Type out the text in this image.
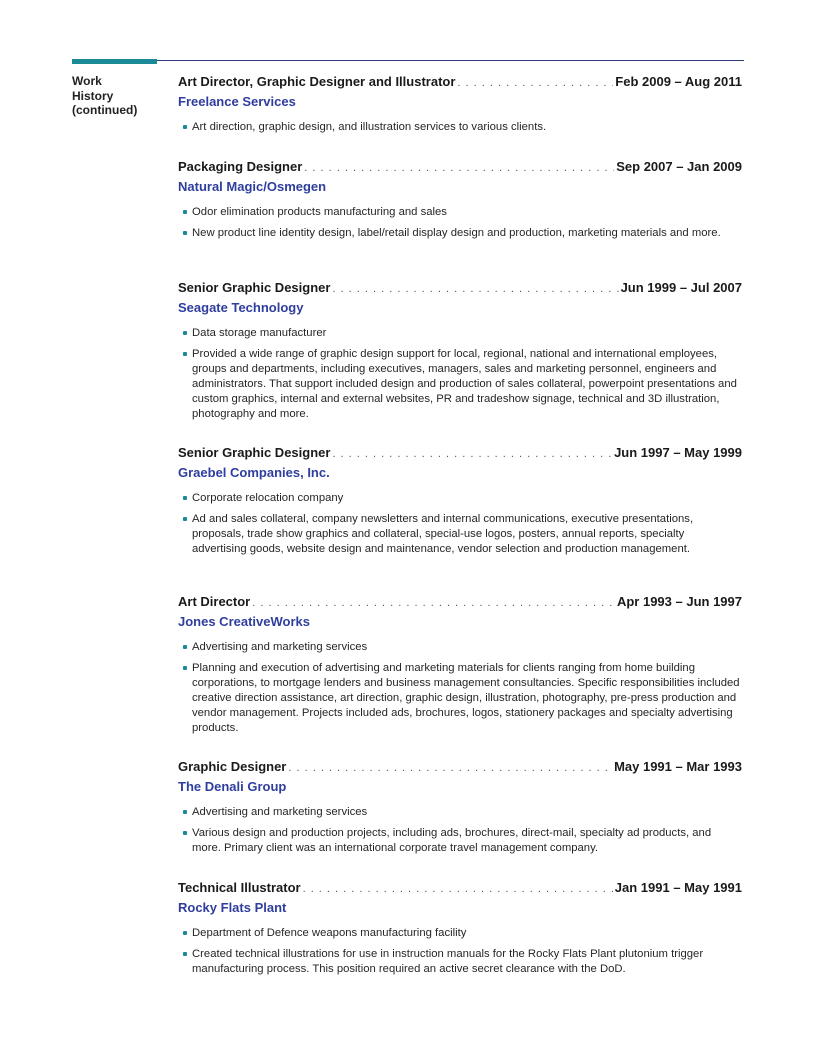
Work
History
(continued)
Art Director, Graphic Designer and Illustrator . . .	Feb 2009 – Aug 2011
Freelance Services
Art direction, graphic design, and illustration services to various clients.
Packaging Designer . . .	Sep 2007 – Jan 2009
Natural Magic/Osmegen
Odor elimination products manufacturing and sales
New product line identity design, label/retail display design and production, marketing materials and more.
Senior Graphic Designer . . .	Jun 1999 – Jul 2007
Seagate Technology
Data storage manufacturer
Provided a wide range of graphic design support for local, regional, national and international employees, groups and departments, including executives, managers, sales and marketing personnel, engineers and administrators. That support included design and production of sales collateral, powerpoint presentations and custom graphics, internal and external websites, PR and tradeshow signage, technical and 3D illustration, photography and more.
Senior Graphic Designer . . .	Jun 1997 – May 1999
Graebel Companies, Inc.
Corporate relocation company
Ad and sales collateral, company newsletters and internal communications, executive presentations, proposals, trade show graphics and collateral, special-use logos, posters, annual reports, specialty advertising goods, website design and maintenance, vendor selection and production management.
Art Director . . .	Apr 1993 – Jun 1997
Jones CreativeWorks
Advertising and marketing services
Planning and execution of advertising and marketing materials for clients ranging from home building corporations, to mortgage lenders and business management consultancies. Specific responsibilities included creative direction assistance, art direction, graphic design, illustration, photography, pre-press production and vendor management. Projects included ads, brochures, logos, stationery packages and specialty advertising products.
Graphic Designer . . .	May 1991 – Mar 1993
The Denali Group
Advertising and marketing services
Various design and production projects, including ads, brochures, direct-mail, specialty ad products, and more. Primary client was an international corporate travel management company.
Technical Illustrator . . .	Jan 1991 – May 1991
Rocky Flats Plant
Department of Defence weapons manufacturing facility
Created technical illustrations for use in instruction manuals for the Rocky Flats Plant plutonium trigger manufacturing process. This position required an active secret clearance with the DoD.
